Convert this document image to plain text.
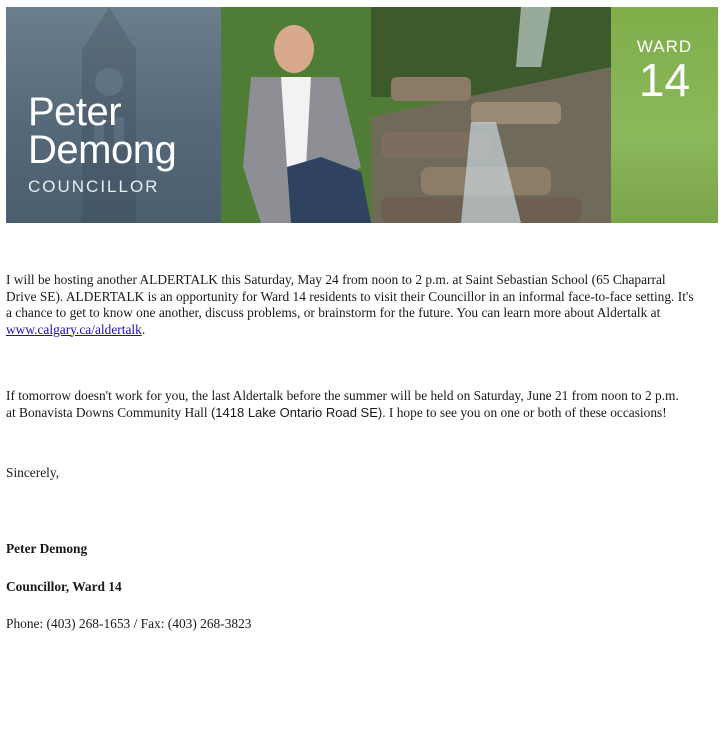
Peter
Demong
COUNCILLOR
WARD
14

I will be hosting another ALDERTALK this Saturday, May 24 from noon to 2 p.m. at Saint Sebastian School (65 Chaparral Drive SE). ALDERTALK is an opportunity for Ward 14 residents to visit their Councillor in an informal face-to-face setting. It's a chance to get to know one another, discuss problems, or brainstorm for the future. You can learn more about Aldertalk at www.calgary.ca/aldertalk.

If tomorrow doesn't work for you, the last Aldertalk before the summer will be held on Saturday, June 21 from noon to 2 p.m. at Bonavista Downs Community Hall (1418 Lake Ontario Road SE). I hope to see you on one or both of these occasions!

Sincerely,

Peter Demong

Councillor, Ward 14

Phone: (403) 268-1653 / Fax: (403) 268-3823
